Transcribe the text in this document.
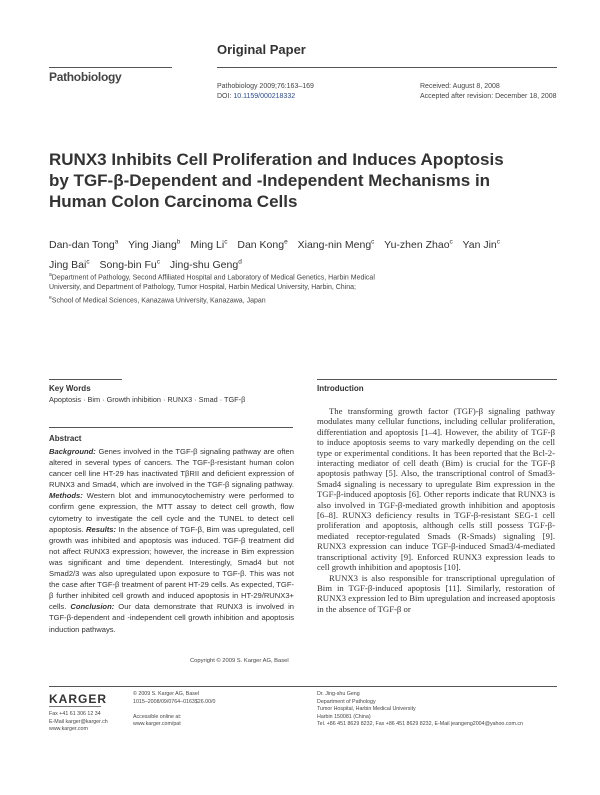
Original Paper
Pathobiology
Pathobiology 2009;76:163–169
DOI: 10.1159/000218332
Received: August 8, 2008
Accepted after revision: December 18, 2008
RUNX3 Inhibits Cell Proliferation and Induces Apoptosis by TGF-β-Dependent and -Independent Mechanisms in Human Colon Carcinoma Cells
Dan-dan Tong$^a$ Ying Jiang$^b$ Ming Li$^c$ Dan Kong$^e$ Xiang-nin Meng$^c$ Yu-zhen Zhao$^c$ Yan Jin$^c$ Jing Bai$^c$ Song-bin Fu$^c$ Jing-shu Geng$^d$
$^a$Department of Pathology, Second Affiliated Hospital and Laboratory of Medical Genetics, Harbin Medical
University, and Department of Pathology, Tumor Hospital, Harbin Medical University, Harbin, China;
$^e$School of Medical Sciences, Kanazawa University, Kanazawa, Japan
Key Words
Apoptosis · Bim · Growth inhibition · RUNX3 · Smad · TGF-β
Abstract
Background: Genes involved in the TGF-β signaling pathway are often altered in several types of cancers. The TGF-β-resistant human colon cancer cell line HT-29 has inactivated TβRII and deficient expression of RUNX3 and Smad4, which are involved in the TGF-β signaling pathway. Methods: Western blot and immunocytochemistry were performed to confirm gene expression, the MTT assay to detect cell growth, flow cytometry to investigate the cell cycle and the TUNEL to detect cell apoptosis. Results: In the absence of TGF-β, Bim was upregulated, cell growth was inhibited and apoptosis was induced. TGF-β treatment did not affect RUNX3 expression; however, the increase in Bim expression was significant and time dependent. Interestingly, Smad4 but not Smad2/3 was also upregulated upon exposure to TGF-β. This was not the case after TGF-β treatment of parent HT-29 cells. As expected, TGF-β further inhibited cell growth and induced apoptosis in HT-29/RUNX3+ cells. Conclusion: Our data demonstrate that RUNX3 is involved in TGF-β-dependent and -independent cell growth inhibition and apoptosis induction pathways.
Copyright © 2009 S. Karger AG, Basel
Introduction

The transforming growth factor (TGF)-β signaling pathway modulates many cellular functions, including cellular proliferation, differentiation and apoptosis [1–4]. However, the ability of TGF-β to induce apoptosis seems to vary markedly depending on the cell type or experimental conditions. It has been reported that the Bcl-2-interacting mediator of cell death (Bim) is crucial for the TGF-β apoptosis pathway [5]. Also, the transcriptional control of Smad3-Smad4 signaling is necessary to upregulate Bim expression in the TGF-β-induced apoptosis [6]. Other reports indicate that RUNX3 is also involved in TGF-β-mediated growth inhibition and apoptosis [6–8]. RUNX3 deficiency results in TGF-β-resistant SEG-1 cell proliferation and apoptosis, although cells still possess TGF-β-mediated receptor-regulated Smads (R-Smads) signaling [9]. RUNX3 expression can induce TGF-β-induced Smad3/4-mediated transcriptional activity [9]. Enforced RUNX3 expression leads to cell growth inhibition and apoptosis [10].

RUNX3 is also responsible for transcriptional upregulation of Bim in TGF-β-induced apoptosis [11]. Similarly, restoration of RUNX3 expression led to Bim upregulation and increased apoptosis in the absence of TGF-β or

KARGER
Fax +41 61 306 12 34
E-Mail karger@karger.ch
www.karger.com
© 2009 S. Karger AG, Basel
1015–2008/09/0764–0163$26.00/0
Accessible online at:
www.karger.com/pat
Dr. Jing-shu Geng
Department of Pathology
Tumor Hospital, Harbin Medical University
Harbin 150081 (China)
Tel. +86 451 8629 8232, Fax +86 451 8629 8232, E-Mail jeangeng2004@yahoo.com.cn
